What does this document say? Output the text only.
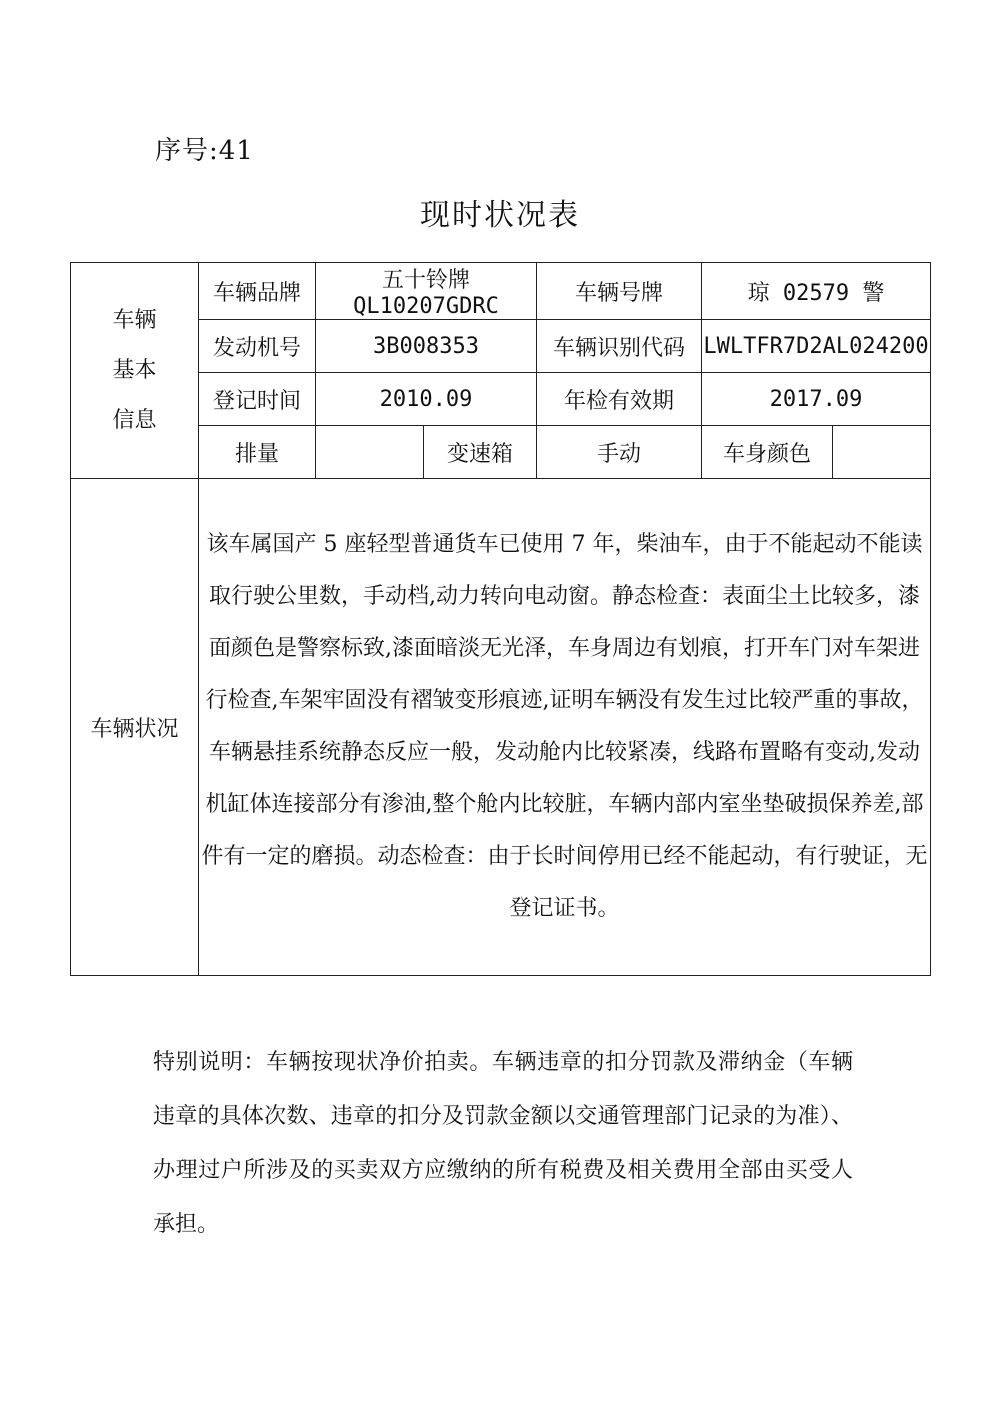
序号:41
现时状况表
车辆
基本
信息	车辆品牌	五十铃牌 QL10207GDRC		车辆号牌	琼 02579 警	
	发动机号	3B008353		车辆识别代码	LWLTFR7D2AL024200	
	登记时间	2010.09		年检有效期	2017.09	
	排量		变速箱	手动	车身颜色	
车辆状况	该车属国产 5 座轻型普通货车已使用 7 年，柴油车，由于不能起动不能读取行驶公里数，手动档,动力转向电动窗。静态检查：表面尘土比较多，漆面颜色是警察标致,漆面暗淡无光泽，车身周边有划痕，打开车门对车架进行检查,车架牢固没有褶皱变形痕迹,证明车辆没有发生过比较严重的事故，车辆悬挂系统静态反应一般，发动舱内比较紧凑，线路布置略有变动,发动机缸体连接部分有渗油,整个舱内比较脏，车辆内部内室坐垫破损保养差,部件有一定的磨损。动态检查：由于长时间停用已经不能起动，有行驶证，无登记证书。					
特别说明：车辆按现状净价拍卖。车辆违章的扣分罚款及滞纳金（车辆违章的具体次数、违章的扣分及罚款金额以交通管理部门记录的为准）、办理过户所涉及的买卖双方应缴纳的所有税费及相关费用全部由买受人承担。
